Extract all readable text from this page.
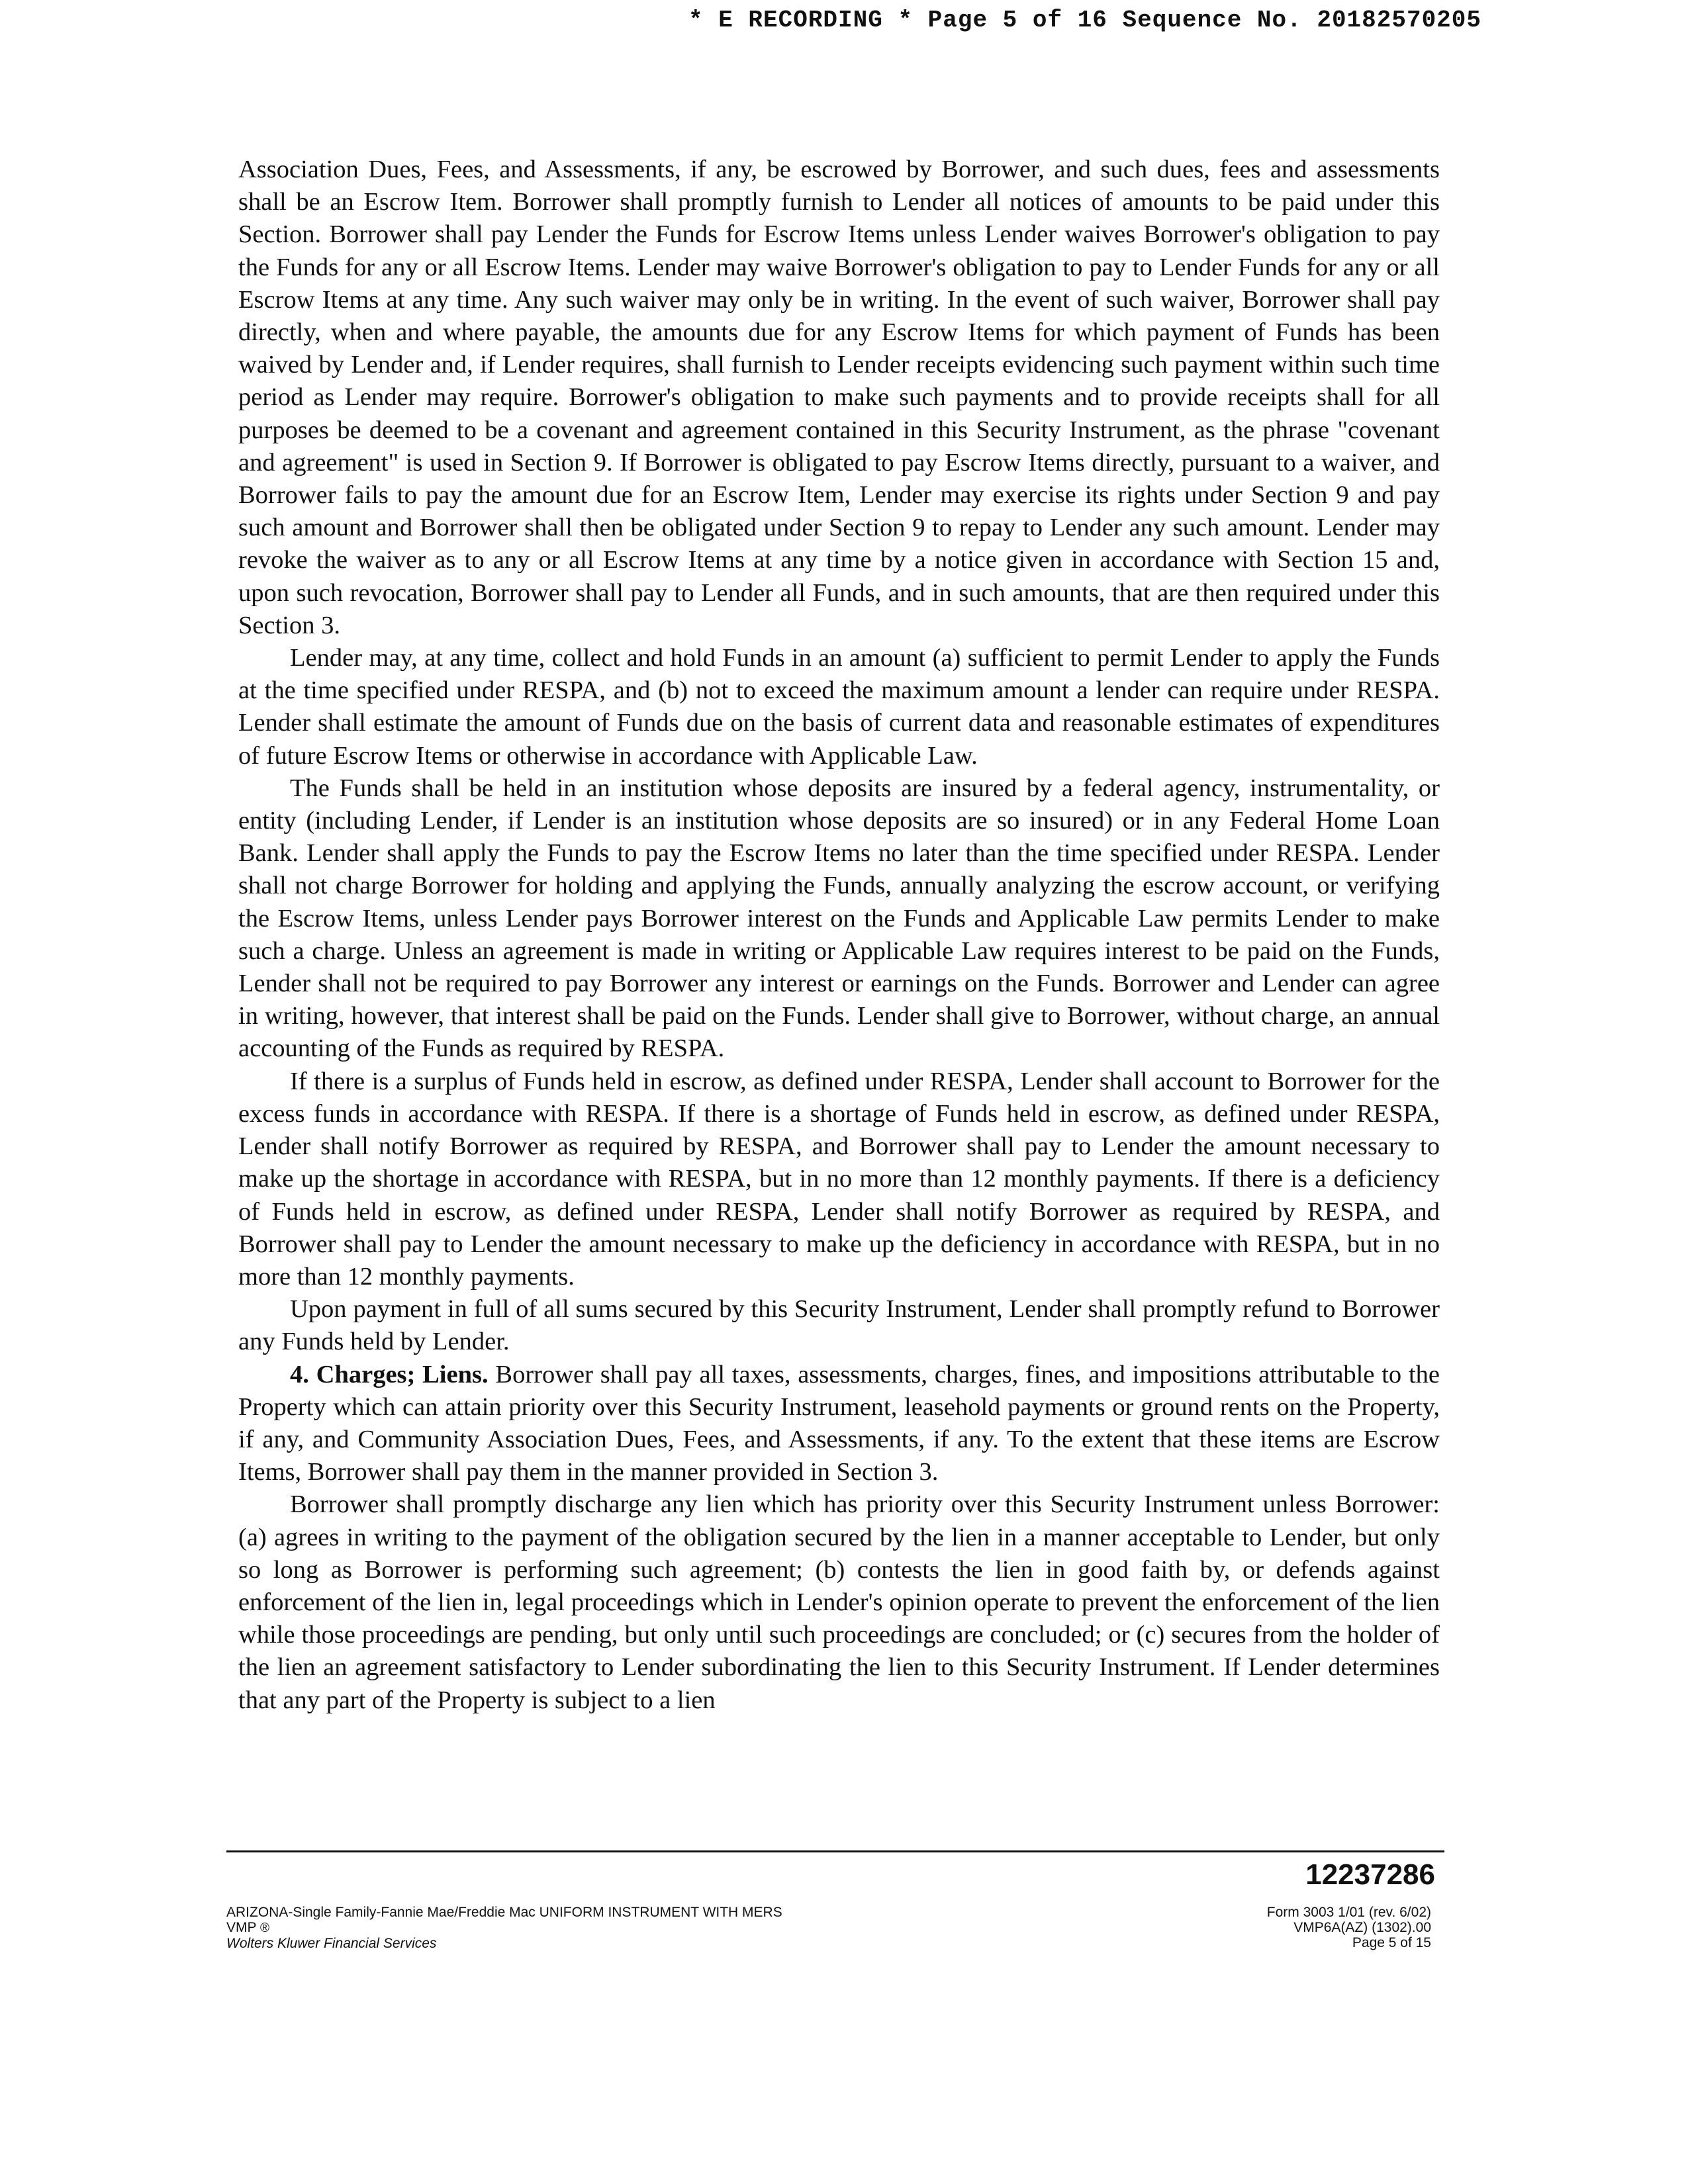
* E RECORDING * Page 5 of 16 Sequence No. 20182570205

Association Dues, Fees, and Assessments, if any, be escrowed by Borrower, and such dues, fees and assessments shall be an Escrow Item. Borrower shall promptly furnish to Lender all notices of amounts to be paid under this Section. Borrower shall pay Lender the Funds for Escrow Items unless Lender waives Borrower's obligation to pay the Funds for any or all Escrow Items. Lender may waive Borrower's obligation to pay to Lender Funds for any or all Escrow Items at any time. Any such waiver may only be in writing. In the event of such waiver, Borrower shall pay directly, when and where payable, the amounts due for any Escrow Items for which payment of Funds has been waived by Lender and, if Lender requires, shall furnish to Lender receipts evidencing such payment within such time period as Lender may require. Borrower's obligation to make such payments and to provide receipts shall for all purposes be deemed to be a covenant and agreement contained in this Security Instrument, as the phrase "covenant and agreement" is used in Section 9. If Borrower is obligated to pay Escrow Items directly, pursuant to a waiver, and Borrower fails to pay the amount due for an Escrow Item, Lender may exercise its rights under Section 9 and pay such amount and Borrower shall then be obligated under Section 9 to repay to Lender any such amount. Lender may revoke the waiver as to any or all Escrow Items at any time by a notice given in accordance with Section 15 and, upon such revocation, Borrower shall pay to Lender all Funds, and in such amounts, that are then required under this Section 3.

Lender may, at any time, collect and hold Funds in an amount (a) sufficient to permit Lender to apply the Funds at the time specified under RESPA, and (b) not to exceed the maximum amount a lender can require under RESPA. Lender shall estimate the amount of Funds due on the basis of current data and reasonable estimates of expenditures of future Escrow Items or otherwise in accordance with Applicable Law.

The Funds shall be held in an institution whose deposits are insured by a federal agency, instrumentality, or entity (including Lender, if Lender is an institution whose deposits are so insured) or in any Federal Home Loan Bank. Lender shall apply the Funds to pay the Escrow Items no later than the time specified under RESPA. Lender shall not charge Borrower for holding and applying the Funds, annually analyzing the escrow account, or verifying the Escrow Items, unless Lender pays Borrower interest on the Funds and Applicable Law permits Lender to make such a charge. Unless an agreement is made in writing or Applicable Law requires interest to be paid on the Funds, Lender shall not be required to pay Borrower any interest or earnings on the Funds. Borrower and Lender can agree in writing, however, that interest shall be paid on the Funds. Lender shall give to Borrower, without charge, an annual accounting of the Funds as required by RESPA.

If there is a surplus of Funds held in escrow, as defined under RESPA, Lender shall account to Borrower for the excess funds in accordance with RESPA. If there is a shortage of Funds held in escrow, as defined under RESPA, Lender shall notify Borrower as required by RESPA, and Borrower shall pay to Lender the amount necessary to make up the shortage in accordance with RESPA, but in no more than 12 monthly payments. If there is a deficiency of Funds held in escrow, as defined under RESPA, Lender shall notify Borrower as required by RESPA, and Borrower shall pay to Lender the amount necessary to make up the deficiency in accordance with RESPA, but in no more than 12 monthly payments.

Upon payment in full of all sums secured by this Security Instrument, Lender shall promptly refund to Borrower any Funds held by Lender.

4. Charges; Liens. Borrower shall pay all taxes, assessments, charges, fines, and impositions attributable to the Property which can attain priority over this Security Instrument, leasehold payments or ground rents on the Property, if any, and Community Association Dues, Fees, and Assessments, if any. To the extent that these items are Escrow Items, Borrower shall pay them in the manner provided in Section 3.

Borrower shall promptly discharge any lien which has priority over this Security Instrument unless Borrower: (a) agrees in writing to the payment of the obligation secured by the lien in a manner acceptable to Lender, but only so long as Borrower is performing such agreement; (b) contests the lien in good faith by, or defends against enforcement of the lien in, legal proceedings which in Lender's opinion operate to prevent the enforcement of the lien while those proceedings are pending, but only until such proceedings are concluded; or (c) secures from the holder of the lien an agreement satisfactory to Lender subordinating the lien to this Security Instrument. If Lender determines that any part of the Property is subject to a lien

12237286
ARIZONA-Single Family-Fannie Mae/Freddie Mac UNIFORM INSTRUMENT WITH MERS
VMP ®
Wolters Kluwer Financial Services
Form 3003 1/01 (rev. 6/02)
VMP6A(AZ) (1302).00
Page 5 of 15
